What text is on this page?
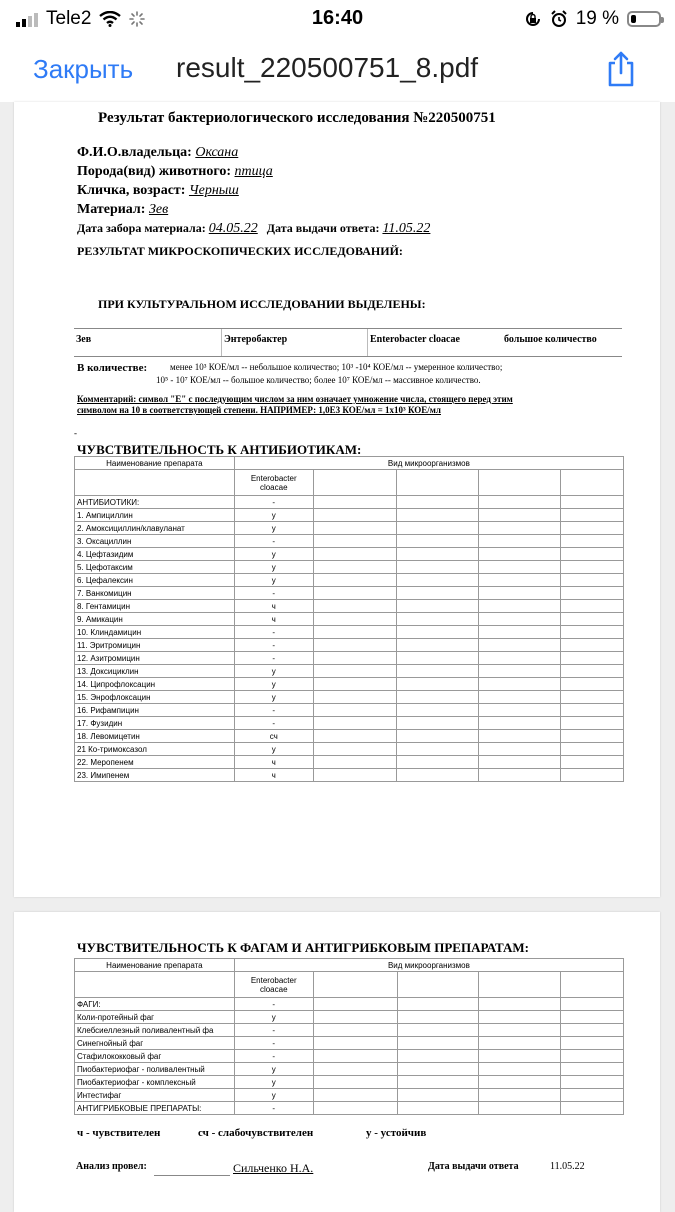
Tele2	16:40	19 %
Закрыть result_220500751_8.pdf
Результат бактериологического исследования №220500751
Ф.И.О.владельца: Оксана
Порода(вид) животного: птица
Кличка, возраст: Черныш
Материал: Зев
Дата забора материала: 04.05.22 Дата выдачи ответа: 11.05.22
РЕЗУЛЬТАТ МИКРОСКОПИЧЕСКИХ ИССЛЕДОВАНИЙ:
ПРИ КУЛЬТУРАЛЬНОМ ИССЛЕДОВАНИИ ВЫДЕЛЕНЫ:
Зев	Энтеробактер	Enterobacter cloacae	большое количество
В количестве:	менее 10³ КОЕ/мл -- небольшое количество; 10³ -10⁴ КОЕ/мл -- умеренное количество;
10⁵ - 10⁷ КОЕ/мл -- большое количество; более 10⁷ КОЕ/мл -- массивное количество.
Комментарий: символ "Е" с последующим числом за ним означает умножение числа, стоящего перед этим
символом на 10 в соответствующей степени. НАПРИМЕР: 1,0Е3 КОЕ/мл = 1х10³ КОЕ/мл
-
ЧУВСТВИТЕЛЬНОСТЬ К АНТИБИОТИКАМ:
Наименование препарата	Вид микроорганизмов				
	Enterobacter cloacae				
АНТИБИОТИКИ:	-				
1. Ампициллин	у				
2. Амоксициллин/клавуланат	у				
3. Оксациллин	-				
4. Цефтазидим	у				
5. Цефотаксим	у				
6. Цефалексин	у				
7. Ванкомицин	-				
8. Гентамицин	ч				
9. Амикацин	ч				
10. Клиндамицин	-				
11. Эритромицин	-				
12. Азитромицин	-				
13. Доксициклин	у				
14. Ципрофлоксацин	у				
15. Энрофлоксацин	у				
16. Рифампицин	-				
17. Фузидин	-				
18. Левомицетин	сч				
21 Ко-тримоксазол	у				
22. Меропенем	ч				
23. Имипенем	ч				
ЧУВСТВИТЕЛЬНОСТЬ К ФАГАМ И АНТИГРИБКОВЫМ ПРЕПАРАТАМ:
Наименование препарата	Вид микроорганизмов				
	Enterobacter cloacae				
ФАГИ:	-				
Коли-протейный фаг	у				
Клебсиеллезный поливалентный фа	-				
Синегнойный фаг	-				
Стафилококковый фаг	-				
Пиобактериофаг - поливалентный	у				
Пиобактериофаг - комплексный	у				
Интестифаг	у				
АНТИГРИБКОВЫЕ ПРЕПАРАТЫ:	-				
ч - чувствителен	сч - слабочувствителен	у - устойчив
Анализ провел:	Сильченко Н.А.	Дата выдачи ответа	11.05.22
